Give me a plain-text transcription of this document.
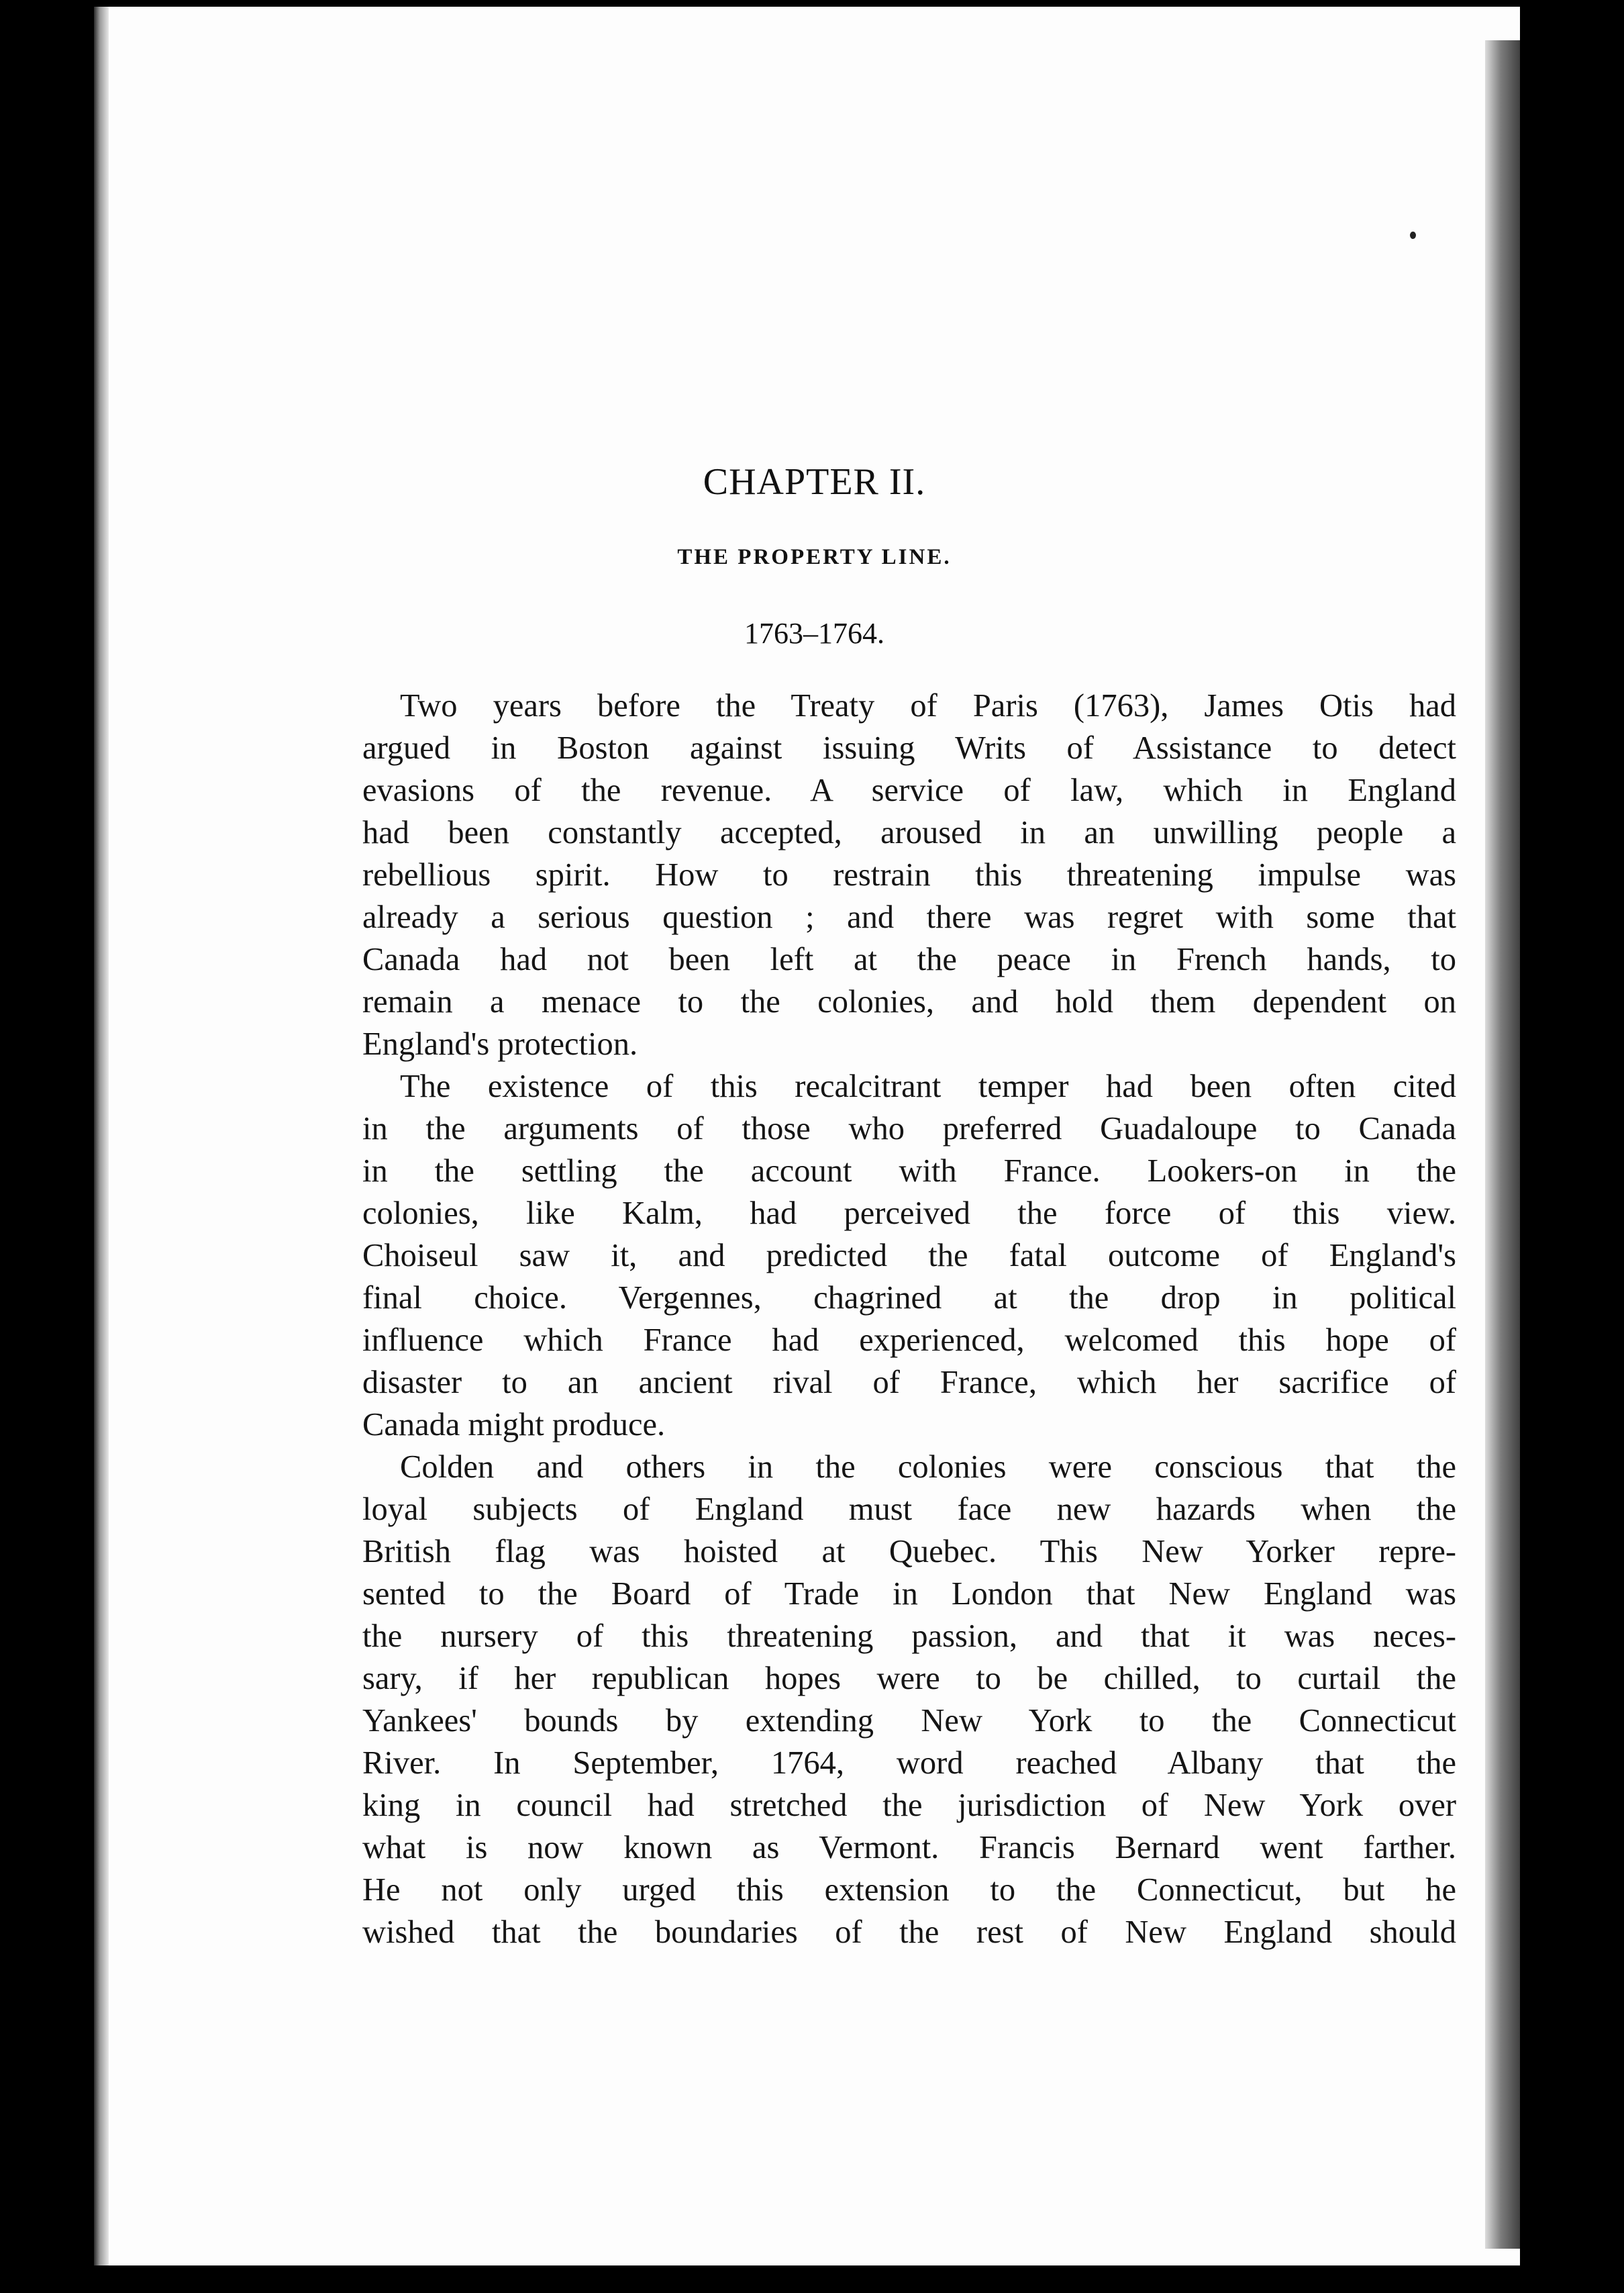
CHAPTER II.
THE PROPERTY LINE.
1763–1764.
Two years before the Treaty of Paris (1763), James Otis had
argued in Boston against issuing Writs of Assistance to detect
evasions of the revenue. A service of law, which in England
had been constantly accepted, aroused in an unwilling people a
rebellious spirit. How to restrain this threatening impulse was
already a serious question ; and there was regret with some that
Canada had not been left at the peace in French hands, to
remain a menace to the colonies, and hold them dependent on
England's protection.
The existence of this recalcitrant temper had been often cited
in the arguments of those who preferred Guadaloupe to Canada
in the settling the account with France. Lookers-on in the
colonies, like Kalm, had perceived the force of this view.
Choiseul saw it, and predicted the fatal outcome of England's
final choice. Vergennes, chagrined at the drop in political
influence which France had experienced, welcomed this hope of
disaster to an ancient rival of France, which her sacrifice of
Canada might produce.
Colden and others in the colonies were conscious that the
loyal subjects of England must face new hazards when the
British flag was hoisted at Quebec. This New Yorker repre-
sented to the Board of Trade in London that New England was
the nursery of this threatening passion, and that it was neces-
sary, if her republican hopes were to be chilled, to curtail the
Yankees' bounds by extending New York to the Connecticut
River. In September, 1764, word reached Albany that the
king in council had stretched the jurisdiction of New York over
what is now known as Vermont. Francis Bernard went farther.
He not only urged this extension to the Connecticut, but he
wished that the boundaries of the rest of New England should
